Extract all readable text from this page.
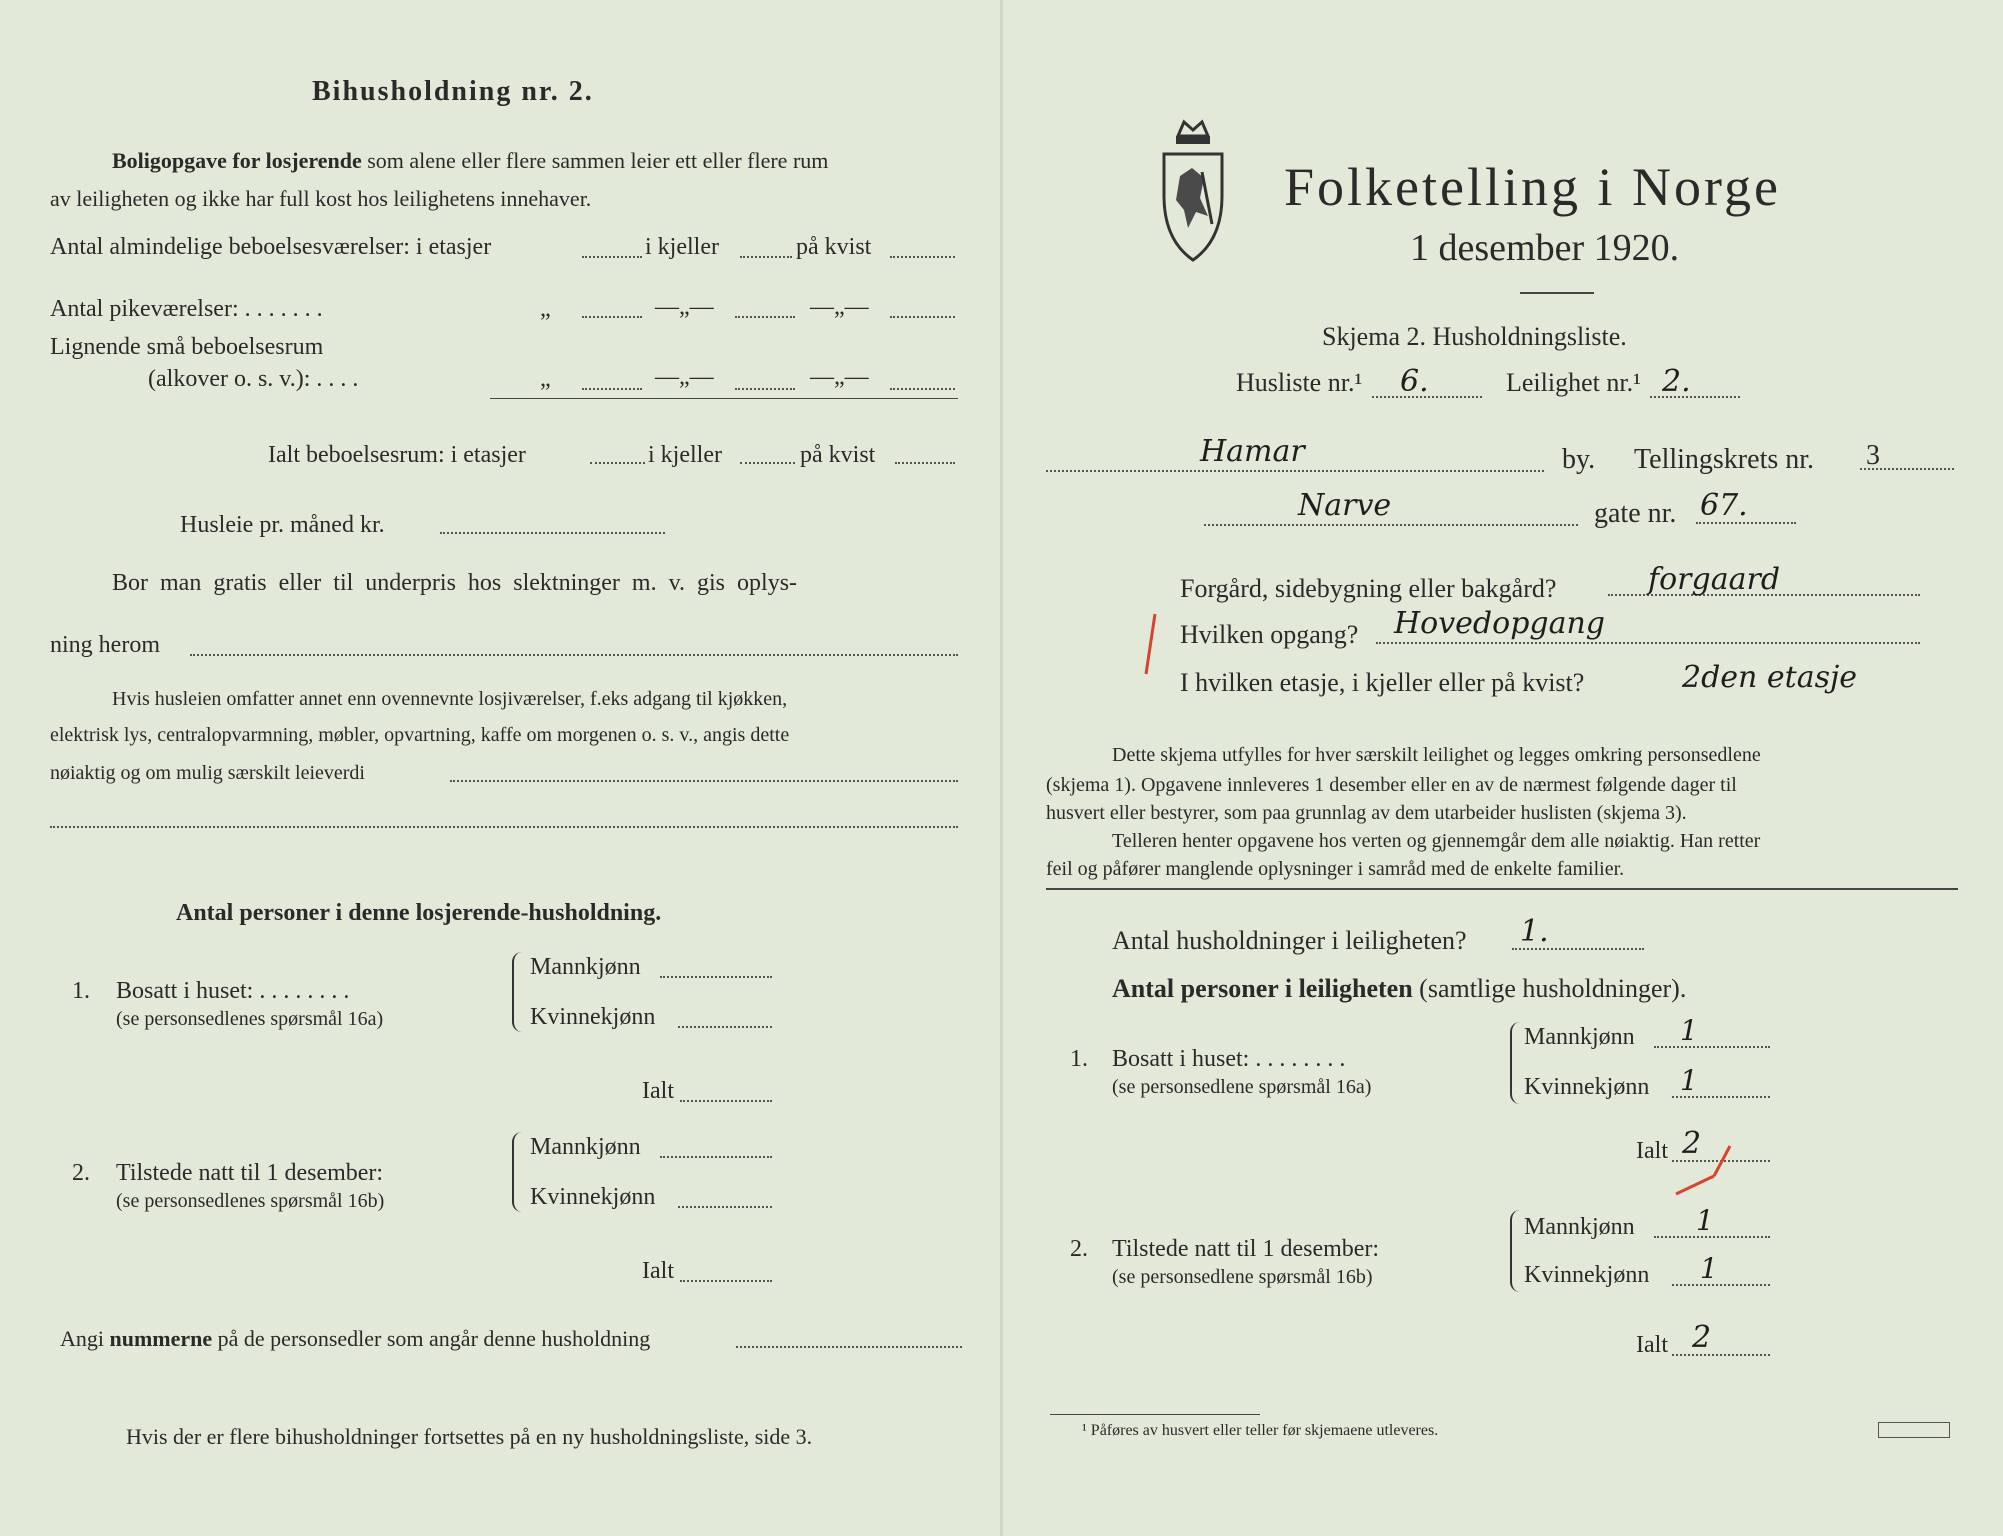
Bihusholdning nr. 2.
Boligopgave for losjerende som alene eller flere sammen leier ett eller flere rum
av leiligheten og ikke har full kost hos leilighetens innehaver.
Antal almindelige beboelsesværelser: i etasjer	i kjeller	på kvist
Antal pikeværelser: . . . . . . .	„	—„—	—„—
Lignende små beboelsesrum
(alkover o. s. v.): . . . .	„	—„—	—„—
Ialt beboelsesrum: i etasjer	i kjeller	på kvist
Husleie pr. måned kr.
Bor man gratis eller til underpris hos slektninger m. v. gis oplys-
ning herom
Hvis husleien omfatter annet enn ovennevnte losjiværelser, f.eks adgang til kjøkken,
elektrisk lys, centralopvarmning, møbler, opvartning, kaffe om morgenen o. s. v., angis dette
nøiaktig og om mulig særskilt leieverdi
Antal personer i denne losjerende-husholdning.
1. Bosatt i huset: . . . . . . . .
(se personsedlenes spørsmål 16a)
Mannkjønn
Kvinnekjønn
Ialt
2. Tilstede natt til 1 desember:
(se personsedlenes spørsmål 16b)
Mannkjønn
Kvinnekjønn
Ialt
Angi nummerne på de personsedler som angår denne husholdning
Hvis der er flere bihusholdninger fortsettes på en ny husholdningsliste, side 3.
Folketelling i Norge
1 desember 1920.
Skjema 2. Husholdningsliste.
Husliste nr.¹ 6.	Leilighet nr.¹ 2.
Hamar	by. Tellingskrets nr. 3
Narve	gate nr. 67.
Forgård, sidebygning eller bakgård?	forgaard
Hvilken opgang? Hovedopgang
I hvilken etasje, i kjeller eller på kvist?	2den etasje
Dette skjema utfylles for hver særskilt leilighet og legges omkring personsedlene
(skjema 1). Opgavene innleveres 1 desember eller en av de nærmest følgende dager til
husvert eller bestyrer, som paa grunnlag av dem utarbeider huslisten (skjema 3).
Telleren henter opgavene hos verten og gjennemgår dem alle nøiaktig. Han retter
feil og påfører manglende oplysninger i samråd med de enkelte familier.
Antal husholdninger i leiligheten? 1.
Antal personer i leiligheten (samtlige husholdninger).
1. Bosatt i huset: . . . . . . . .
(se personsedlene spørsmål 16a)
Mannkjønn 1
Kvinnekjønn 1
Ialt 2
2. Tilstede natt til 1 desember:
(se personsedlene spørsmål 16b)
Mannkjønn 1
Kvinnekjønn 1
Ialt 2
¹ Påføres av husvert eller teller før skjemaene utleveres.
